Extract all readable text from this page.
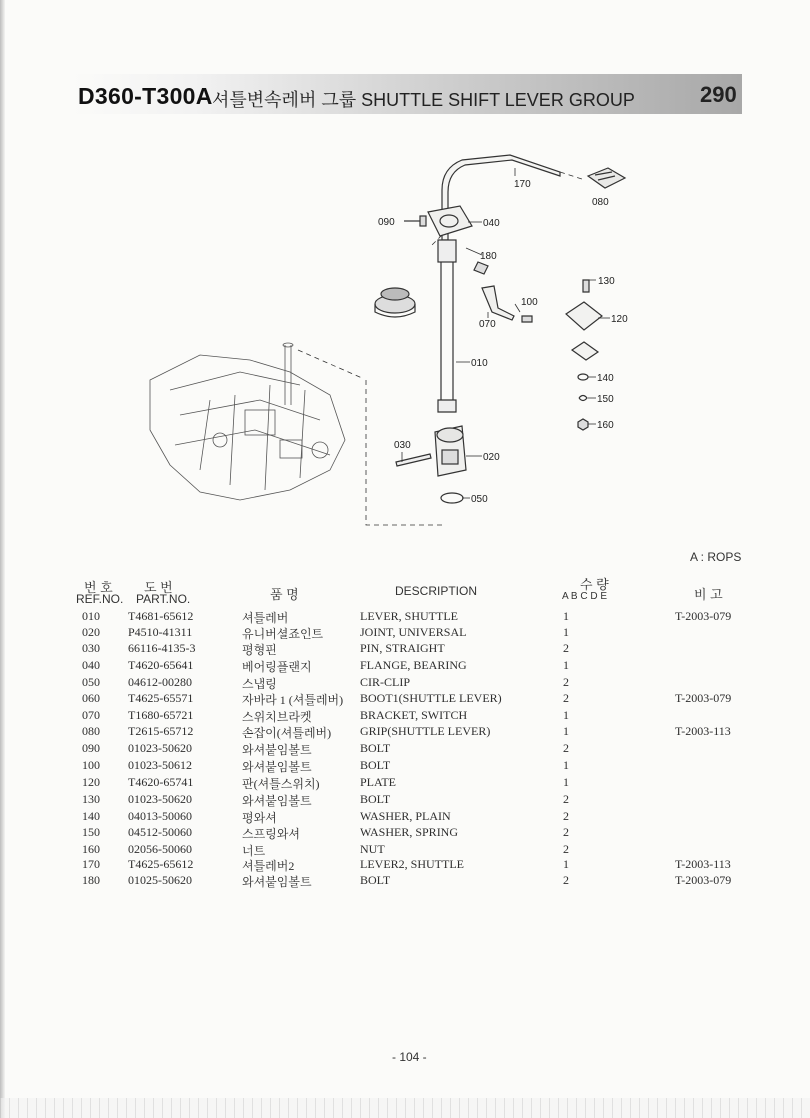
D360-T300A 셔틀변속레버 그룹 SHUTTLE SHIFT LEVER GROUP	290
170
080
090	040
180
130
100
070	120
010
140
150
160
030
020
050
A : ROPS
번 호
REF.NO.
도 번
PART.NO.	품 명	DESCRIPTION	수 량
A B C D E	비 고
010 T4681-65612	셔틀레버	LEVER, SHUTTLE	1	T-2003-079
020 P4510-41311	유니버셜죠인트	JOINT, UNIVERSAL	1
030 66116-4135-3	평형핀	PIN, STRAIGHT	2
040 T4620-65641	베어링플랜지	FLANGE, BEARING	1
050 04612-00280	스냅링	CIR-CLIP	2
060 T4625-65571	자바라 1 (셔틀레버) BOOT1(SHUTTLE LEVER)	2	T-2003-079
070 T1680-65721	스위치브라켓	BRACKET, SWITCH	1
080 T2615-65712	손잡이(셔틀레버) GRIP(SHUTTLE LEVER)	1	T-2003-113
090 01023-50620	와셔붙임볼트	BOLT	2
100 01023-50612	와셔붙임볼트	BOLT	1
120 T4620-65741	판(셔틀스위치)	PLATE	1
130 01023-50620	와셔붙임볼트	BOLT	2
140 04013-50060	평와셔	WASHER, PLAIN	2
150 04512-50060	스프링와셔	WASHER, SPRING	2
160 02056-50060	너트	NUT	2
170 T4625-65612	셔틀레버2	LEVER2, SHUTTLE	1	T-2003-113
180 01025-50620	와셔붙임볼트	BOLT	2	T-2003-079
- 104 -
